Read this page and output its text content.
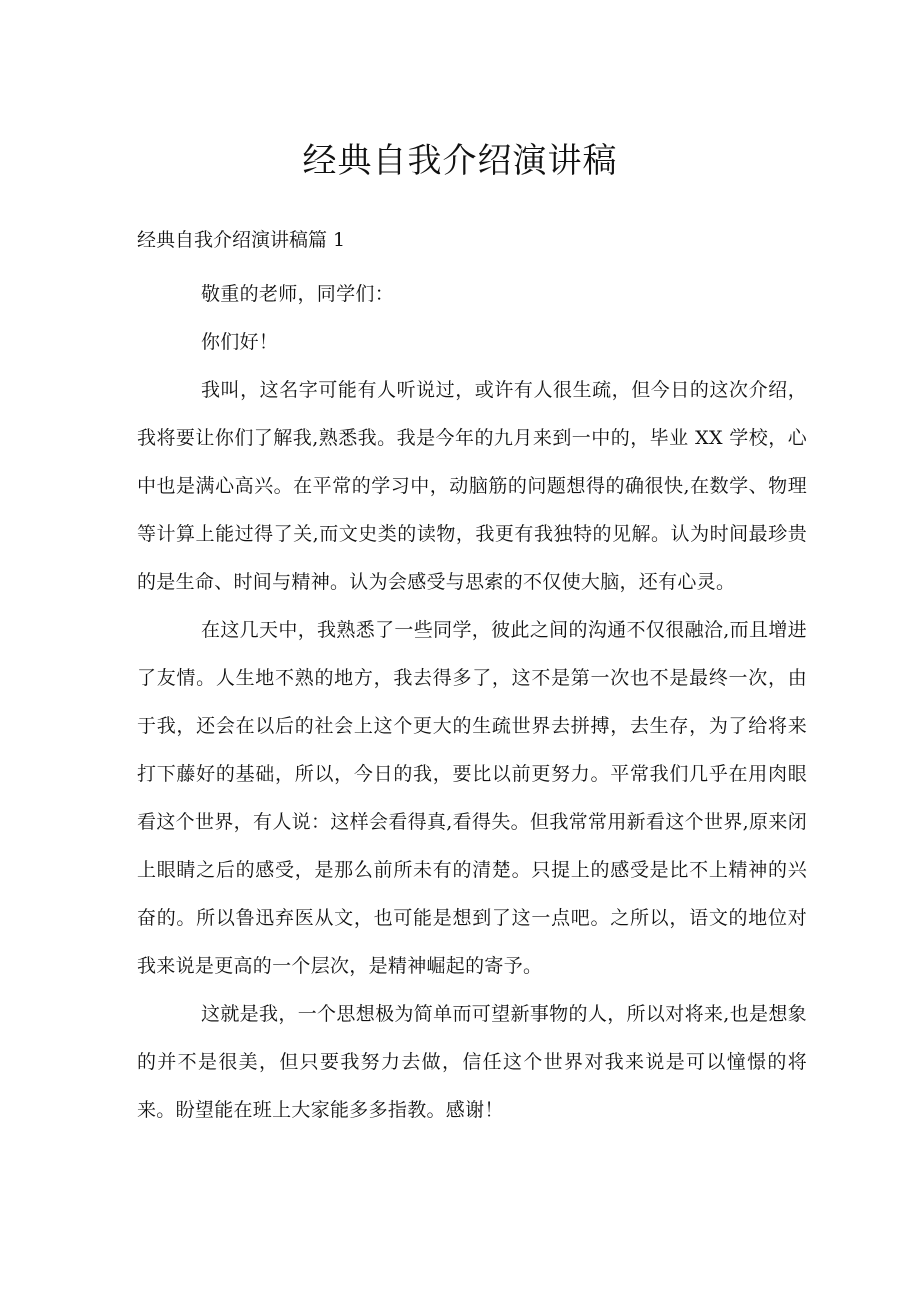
经典自我介绍演讲稿
经典自我介绍演讲稿篇 1

敬重的老师，同学们：

你们好！

我叫，这名字可能有人听说过，或许有人很生疏，但今日的这次介绍，我将要让你们了解我,熟悉我。我是今年的九月来到一中的，毕业 XX 学校，心中也是满心高兴。在平常的学习中，动脑筋的问题想得的确很快,在数学、物理等计算上能过得了关,而文史类的读物，我更有我独特的见解。认为时间最珍贵的是生命、时间与精神。认为会感受与思索的不仅使大脑，还有心灵。

在这几天中，我熟悉了一些同学，彼此之间的沟通不仅很融洽,而且增进了友情。人生地不熟的地方，我去得多了，这不是第一次也不是最终一次，由于我，还会在以后的社会上这个更大的生疏世界去拼搏，去生存，为了给将来打下藤好的基础，所以，今日的我，要比以前更努力。平常我们几乎在用肉眼看这个世界，有人说：这样会看得真,看得失。但我常常用新看这个世界,原来闭上眼睛之后的感受，是那么前所未有的清楚。只提上的感受是比不上精神的兴奋的。所以鲁迅弃医从文，也可能是想到了这一点吧。之所以，语文的地位对我来说是更高的一个层次，是精神崛起的寄予。

这就是我，一个思想极为简单而可望新事物的人，所以对将来,也是想象的并不是很美，但只要我努力去做，信任这个世界对我来说是可以憧憬的将来。盼望能在班上大家能多多指教。感谢！
